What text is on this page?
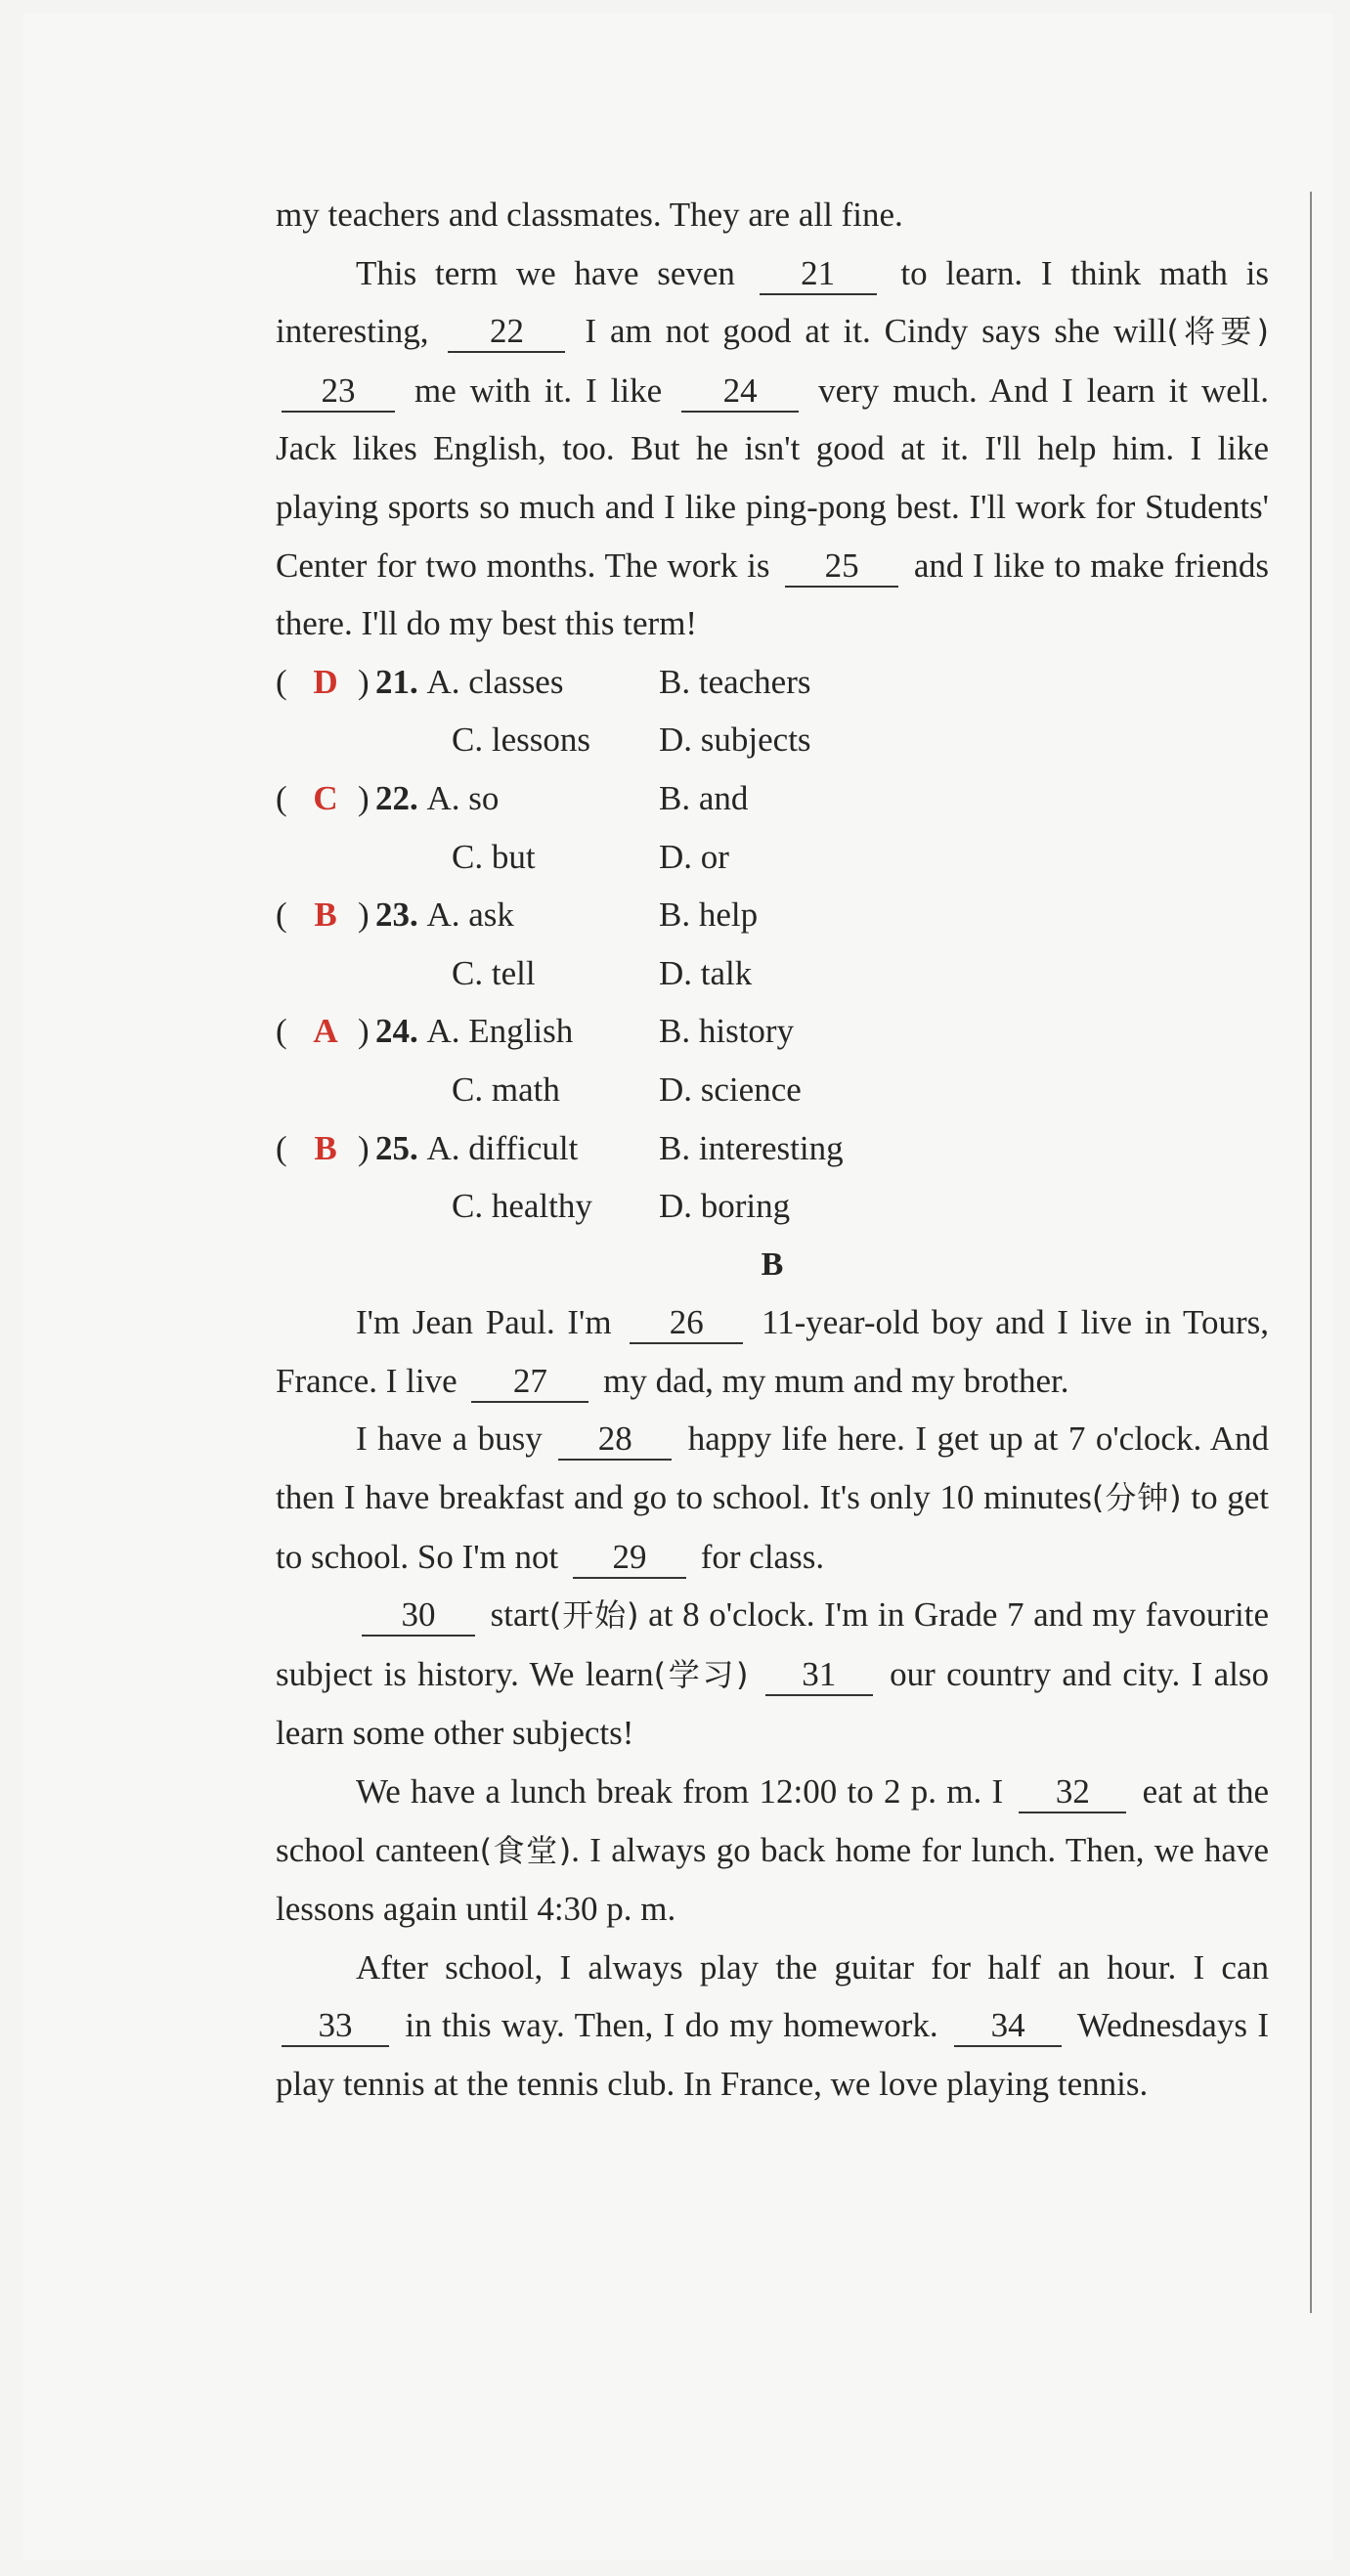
my teachers and classmates. They are all fine.

This term we have seven 21 to learn. I think math is interesting, 22 I am not good at it. Cindy says she will(将要) 23 me with it. I like 24 very much. And I learn it well. Jack likes English, too. But he isn't good at it. I'll help him. I like playing sports so much and I like ping-pong best. I'll work for Students' Center for two months. The work is 25 and I like to make friends there. I'll do my best this term!

( D ) 21.
A. classes	B. teachers
C. lessons D. subjects
( C ) 22.
A. so	B. and
C. but	D. or
( B ) 23.
A. ask	B. help
C. tell	D. talk
( A ) 24.
A. English	B. history
C. math	D. science
( B ) 25.
A. difficult B. interesting
C. healthy D. boring
B

I'm Jean Paul. I'm 26 11-year-old boy and I live in Tours, France. I live 27 my dad, my mum and my brother.

I have a busy 28 happy life here. I get up at 7 o'clock. And then I have breakfast and go to school. It's only 10 minutes(分钟) to get to school. So I'm not 29 for class.

30 start(开始) at 8 o'clock. I'm in Grade 7 and my favourite subject is history. We learn(学习) 31 our country and city. I also learn some other subjects!

We have a lunch break from 12:00 to 2 p. m. I 32 eat at the school canteen(食堂). I always go back home for lunch. Then, we have lessons again until 4:30 p. m.

After school, I always play the guitar for half an hour. I can 33 in this way. Then, I do my homework. 34 Wednesdays I play tennis at the tennis club. In France, we love playing tennis.
